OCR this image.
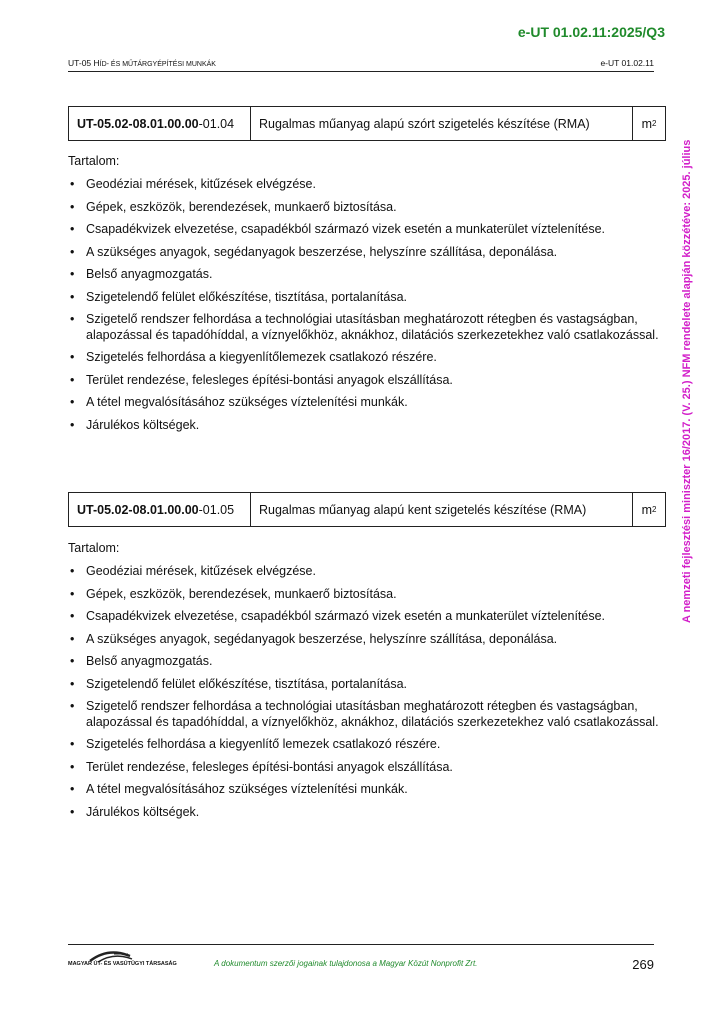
e-UT 01.02.11:2025/Q3
UT-05 HÍD- ÉS MŰTÁRGYÉPÍTÉSI MUNKÁK	e-UT 01.02.11
A nemzeti fejlesztési miniszter 16/2017. (V. 25.) NFM rendelete alapján közzétéve: 2025. július
UT-05.02-08.01.00.00 -01.04	Rugalmas műanyag alapú szórt szigetelés készítése (RMA)	m 2
Tartalom:
• Geodéziai mérések, kitűzések elvégzése.
• Gépek, eszközök, berendezések, munkaerő biztosítása.
• Csapadékvizek elvezetése, csapadékból származó vizek esetén a munkaterület víztelenítése.
• A szükséges anyagok, segédanyagok beszerzése, helyszínre szállítása, deponálása.
• Belső anyagmozgatás.
• Szigetelendő felület előkészítése, tisztítása, portalanítása.
• Szigetelő rendszer felhordása a technológiai utasításban meghatározott rétegben és vastagságban, alapozással és tapadóhíddal, a víznyelőkhöz, aknákhoz, dilatációs szerkezetekhez való csatlakozással.
• Szigetelés felhordása a kiegyenlítőlemezek csatlakozó részére.
• Terület rendezése, felesleges építési-bontási anyagok elszállítása.
• A tétel megvalósításához szükséges víztelenítési munkák.
• Járulékos költségek.
UT-05.02-08.01.00.00 -01.05	Rugalmas műanyag alapú kent szigetelés készítése (RMA)	m 2
Tartalom:
• Geodéziai mérések, kitűzések elvégzése.
• Gépek, eszközök, berendezések, munkaerő biztosítása.
• Csapadékvizek elvezetése, csapadékból származó vizek esetén a munkaterület víztelenítése.
• A szükséges anyagok, segédanyagok beszerzése, helyszínre szállítása, deponálása.
• Belső anyagmozgatás.
• Szigetelendő felület előkészítése, tisztítása, portalanítása.
• Szigetelő rendszer felhordása a technológiai utasításban meghatározott rétegben és vastagságban, alapozással és tapadóhíddal, a víznyelőkhöz, aknákhoz, dilatációs szerkezetekhez való csatlakozással.
• Szigetelés felhordása a kiegyenlítő lemezek csatlakozó részére.
• Terület rendezése, felesleges építési-bontási anyagok elszállítása.
• A tétel megvalósításához szükséges víztelenítési munkák.
• Járulékos költségek.
MAGYAR ÚT- ÉS VASÚTÜGYI TÁRSASÁG	A dokumentum szerzői jogainak tulajdonosa a Magyar Közút Nonprofit Zrt.	269
